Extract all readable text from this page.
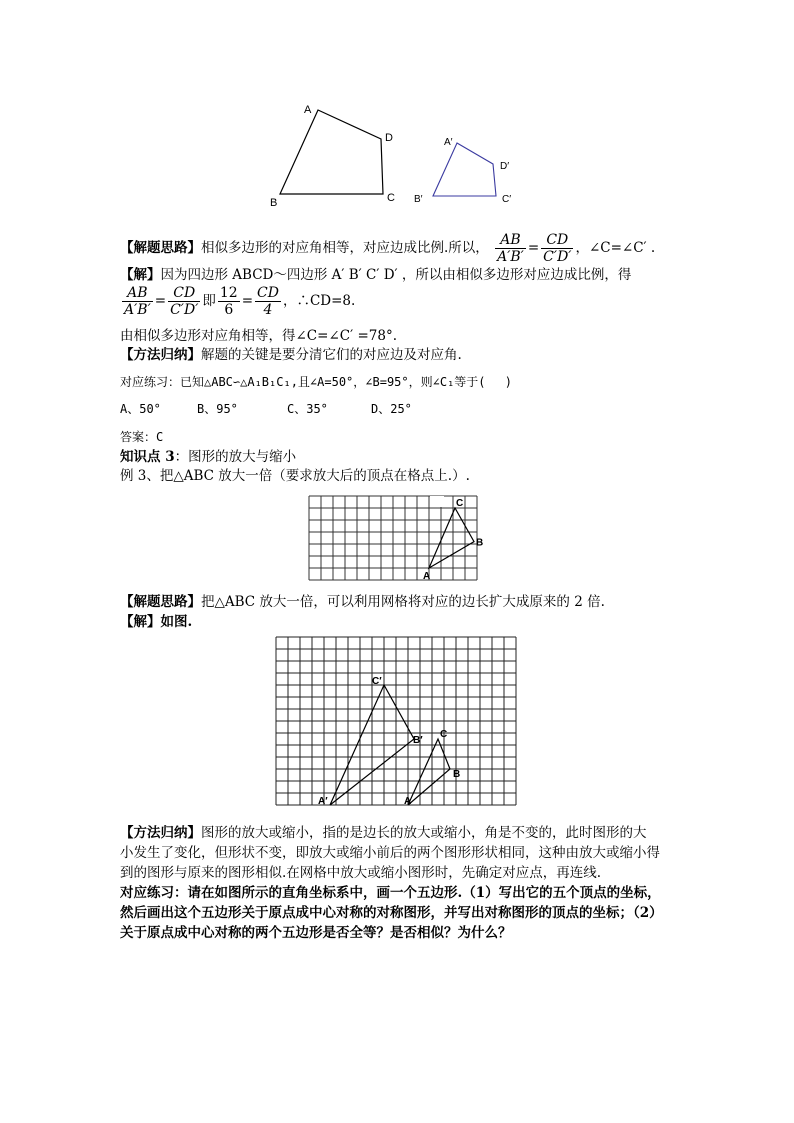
A
D
C
B
A′
D′
C′
B′
【解题思路】相似多边形的对应角相等，对应边成比例.所以， $\frac{AB}{A'B'} = \frac{CD}{C'D'}$ ，∠C=∠C′ .
【解】因为四边形 ABCD～四边形 A′ B′ C′ D′ ，所以由相似多边形对应边成比例，得
$\frac{AB}{A'B'} = \frac{CD}{C'D'}$ 即 $\frac{12}{6} = \frac{CD}{4}$ ，∴CD=8.
由相似多边形对应角相等，得∠C=∠C′ =78°.
【方法归纳】解题的关键是要分清它们的对应边及对应角.
对应练习：已知△ABC∽△A₁B₁C₁,且∠A=50°，∠B=95°，则∠C₁等于(　 )
A、50°	B、95°	C、35°	D、25°
答案：C
知识点 3：图形的放大与缩小
例 3、把△ABC 放大一倍（要求放大后的顶点在格点上.）.
A
B
C
【解题思路】把△ABC 放大一倍，可以利用网格将对应的边长扩大成原来的 2 倍.
【解】如图.
A
B
C
A′
B′
C′
【方法归纳】图形的放大或缩小，指的是边长的放大或缩小，角是不变的，此时图形的大
小发生了变化，但形状不变，即放大或缩小前后的两个图形形状相同，这种由放大或缩小得
到的图形与原来的图形相似.在网格中放大或缩小图形时，先确定对应点，再连线.
对应练习：请在如图所示的直角坐标系中，画一个五边形.（1）写出它的五个顶点的坐标，
然后画出这个五边形关于原点成中心对称的对称图形，并写出对称图形的顶点的坐标；（2）
关于原点成中心对称的两个五边形是否全等？是否相似？为什么？
